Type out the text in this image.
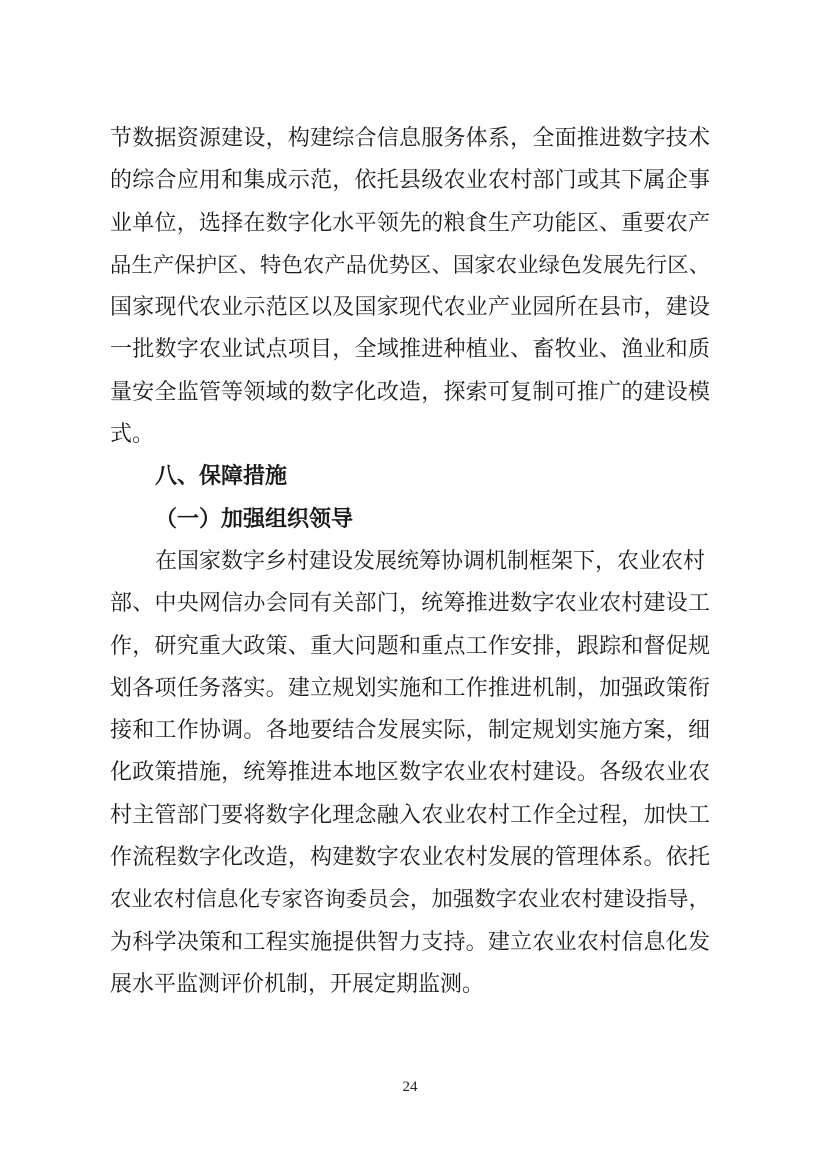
节数据资源建设，构建综合信息服务体系，全面推进数字技术
的综合应用和集成示范，依托县级农业农村部门或其下属企事
业单位，选择在数字化水平领先的粮食生产功能区、重要农产
品生产保护区、特色农产品优势区、国家农业绿色发展先行区、
国家现代农业示范区以及国家现代农业产业园所在县市，建设
一批数字农业试点项目，全域推进种植业、畜牧业、渔业和质
量安全监管等领域的数字化改造，探索可复制可推广的建设模
式。
八、保障措施
（一）加强组织领导
在国家数字乡村建设发展统筹协调机制框架下，农业农村
部、中央网信办会同有关部门，统筹推进数字农业农村建设工
作，研究重大政策、重大问题和重点工作安排，跟踪和督促规
划各项任务落实。建立规划实施和工作推进机制，加强政策衔
接和工作协调。各地要结合发展实际，制定规划实施方案，细
化政策措施，统筹推进本地区数字农业农村建设。各级农业农
村主管部门要将数字化理念融入农业农村工作全过程，加快工
作流程数字化改造，构建数字农业农村发展的管理体系。依托
农业农村信息化专家咨询委员会，加强数字农业农村建设指导，
为科学决策和工程实施提供智力支持。建立农业农村信息化发
展水平监测评价机制，开展定期监测。
24
